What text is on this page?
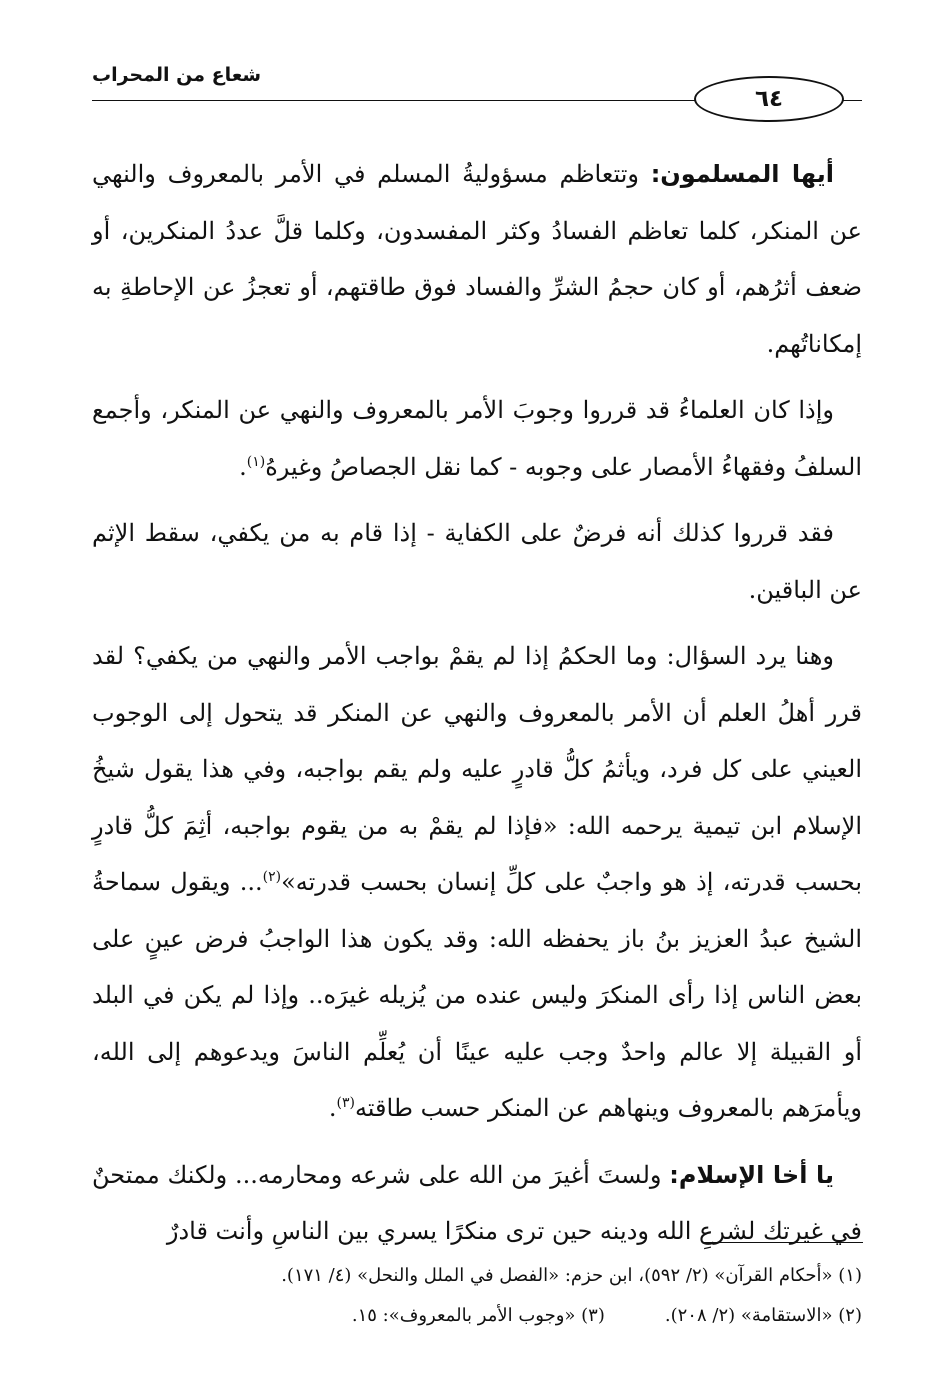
شعاع من المحراب
٦٤

أيها المسلمون: وتتعاظم مسؤوليةُ المسلم في الأمر بالمعروف والنهي عن المنكر، كلما تعاظم الفسادُ وكثر المفسدون، وكلما قلَّ عددُ المنكرين، أو ضعف أثرُهم، أو كان حجمُ الشرِّ والفساد فوق طاقتهم، أو تعجزُ عن الإحاطةِ به إمكاناتُهم.

وإذا كان العلماءُ قد قرروا وجوبَ الأمر بالمعروف والنهي عن المنكر، وأجمع السلفُ وفقهاءُ الأمصار على وجوبه - كما نقل الجصاصُ وغيرهُ$^{(١)}$.

فقد قرروا كذلك أنه فرضٌ على الكفاية - إذا قام به من يكفي، سقط الإثم عن الباقين.

وهنا يرد السؤال: وما الحكمُ إذا لم يقمْ بواجب الأمر والنهي من يكفي؟ لقد قرر أهلُ العلم أن الأمر بالمعروف والنهي عن المنكر قد يتحول إلى الوجوب العيني على كل فرد، ويأثمُ كلُّ قادرٍ عليه ولم يقم بواجبه، وفي هذا يقول شيخُ الإسلام ابن تيمية يرحمه الله: «فإذا لم يقمْ به من يقوم بواجبه، أثِمَ كلُّ قادرٍ بحسب قدرته، إذ هو واجبٌ على كلِّ إنسان بحسب قدرته»$^{(٢)}$... ويقول سماحةُ الشيخ عبدُ العزيز بنُ باز يحفظه الله: وقد يكون هذا الواجبُ فرض عينٍ على بعض الناس إذا رأى المنكرَ وليس عنده من يُزيله غيرَه.. وإذا لم يكن في البلد أو القبيلة إلا عالم واحدٌ وجب عليه عينًا أن يُعلِّم الناسَ ويدعوهم إلى الله، ويأمرَهم بالمعروف وينهاهم عن المنكر حسب طاقته$^{(٣)}$.

يا أخا الإسلام: ولستَ أغيرَ من الله على شرعه ومحارمه... ولكنك ممتحنٌ في غيرتك لشرعِ الله ودينه حين ترى منكرًا يسري بين الناسِ وأنت قادرٌ

(١) «أحكام القرآن» (٢/ ٥٩٢)، ابن حزم: «الفصل في الملل والنحل» (٤/ ١٧١).
(٢) «الاستقامة» (٢/ ٢٠٨).
(٣) «وجوب الأمر بالمعروف»: ١٥.
